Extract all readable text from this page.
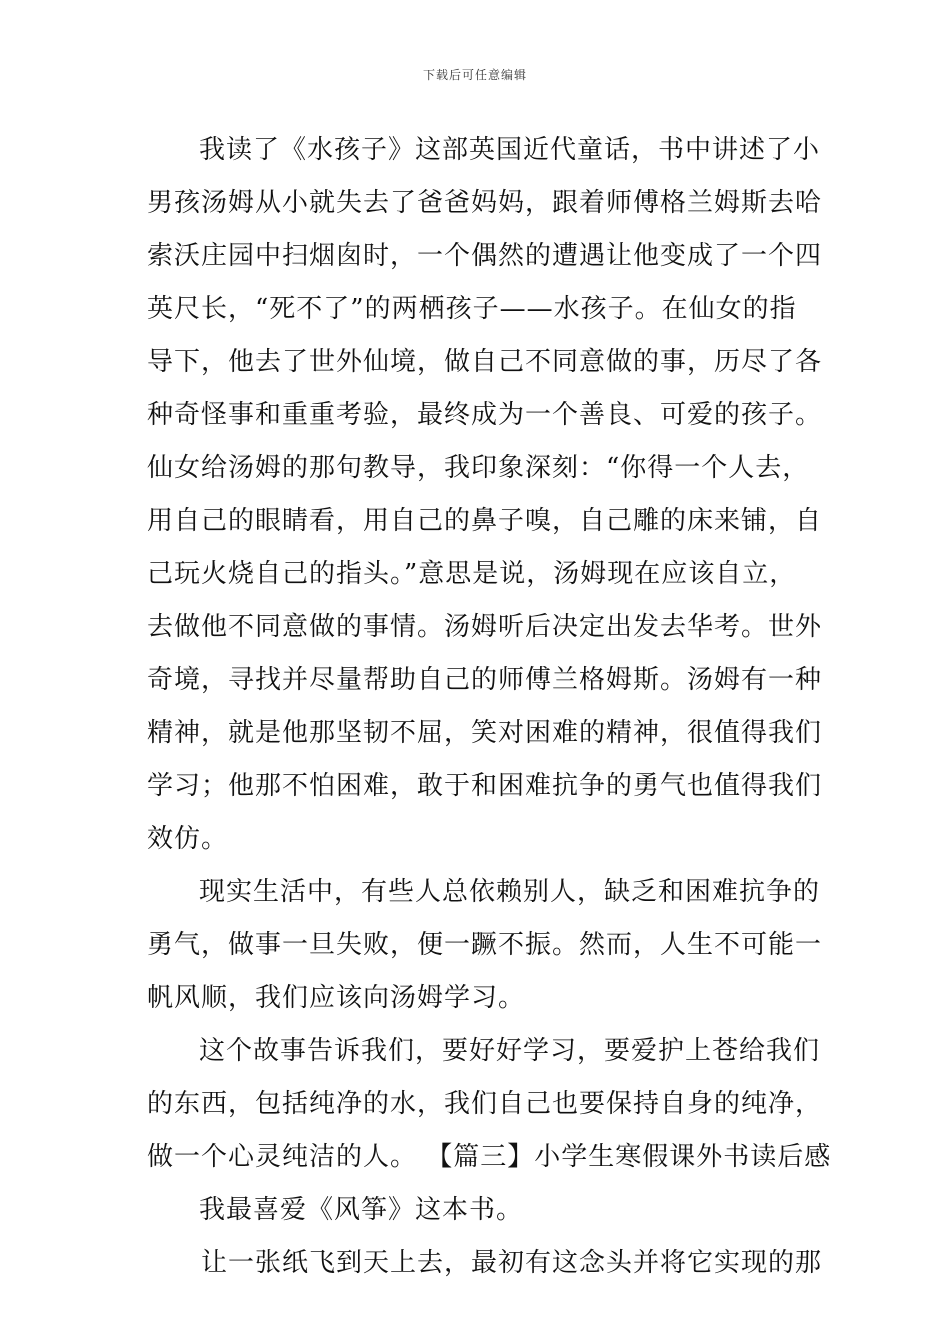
下载后可任意编辑
我读了《水孩子》这部英国近代童话，书中讲述了小
男孩汤姆从小就失去了爸爸妈妈，跟着师傅格兰姆斯去哈
索沃庄园中扫烟囱时，一个偶然的遭遇让他变成了一个四
英尺长，“死不了”的两栖孩子——水孩子。在仙女的指
导下，他去了世外仙境，做自己不同意做的事，历尽了各
种奇怪事和重重考验，最终成为一个善良、可爱的孩子。
仙女给汤姆的那句教导，我印象深刻：“你得一个人去，
用自己的眼睛看，用自己的鼻子嗅，自己雕的床来铺，自
己玩火烧自己的指头。”意思是说，汤姆现在应该自立，
去做他不同意做的事情。汤姆听后决定出发去华考。世外
奇境，寻找并尽量帮助自己的师傅兰格姆斯。汤姆有一种
精神，就是他那坚韧不屈，笑对困难的精神，很值得我们
学习；他那不怕困难，敢于和困难抗争的勇气也值得我们
效仿。
现实生活中，有些人总依赖别人，缺乏和困难抗争的
勇气，做事一旦失败，便一蹶不振。然而，人生不可能一
帆风顺，我们应该向汤姆学习。
这个故事告诉我们，要好好学习，要爱护上苍给我们
的东西，包括纯净的水，我们自己也要保持自身的纯净，
做一个心灵纯洁的人。 【篇三】小学生寒假课外书读后感
我最喜爱《风筝》这本书。
让一张纸飞到天上去，最初有这念头并将它实现的那
